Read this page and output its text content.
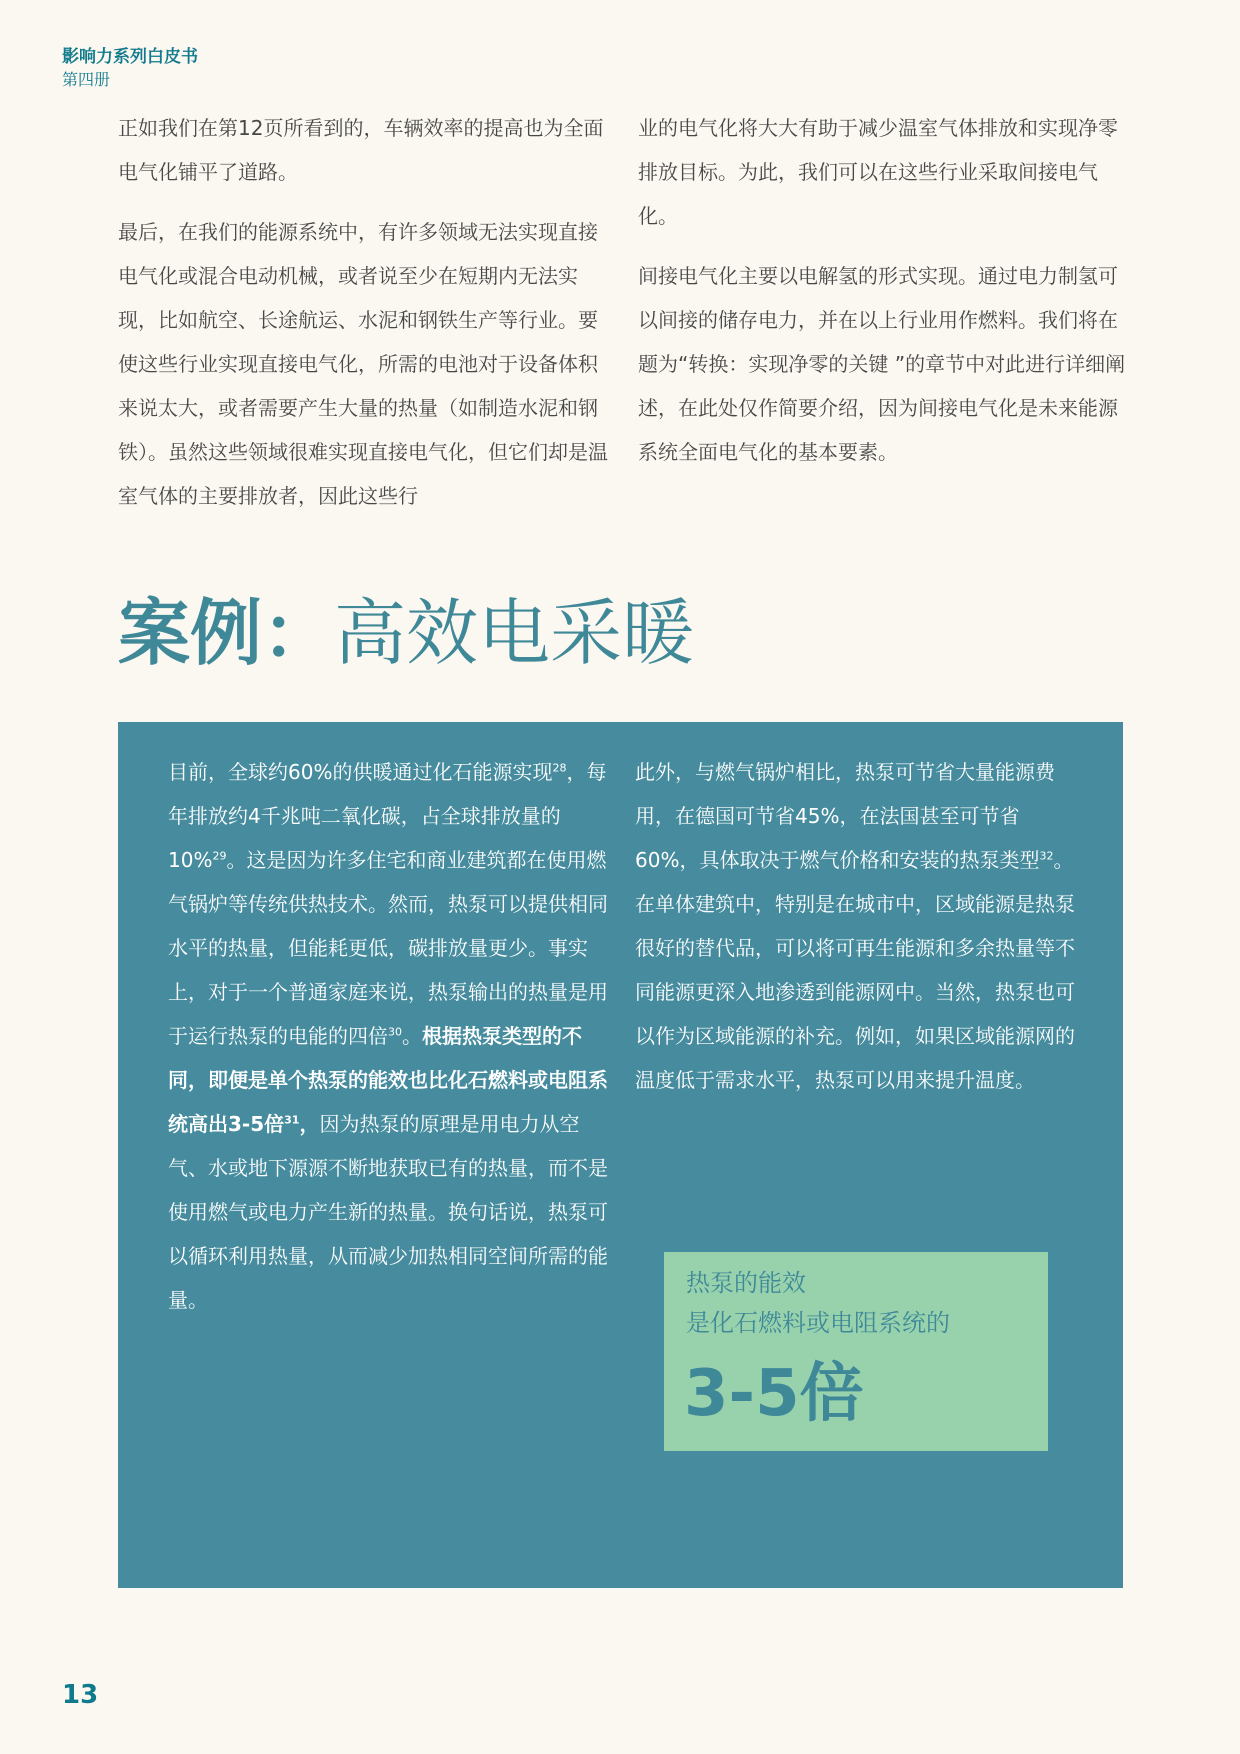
影响力系列白皮书
第四册

正如我们在第12页所看到的，车辆效率的提高也为全面电气化铺平了道路。

最后，在我们的能源系统中，有许多领域无法实现直接电气化或混合电动机械，或者说至少在短期内无法实现，比如航空、长途航运、水泥和钢铁生产等行业。要使这些行业实现直接电气化，所需的电池对于设备体积来说太大，或者需要产生大量的热量（如制造水泥和钢铁）。虽然这些领域很难实现直接电气化，但它们却是温室气体的主要排放者，因此这些行

业的电气化将大大有助于减少温室气体排放和实现净零排放目标。为此，我们可以在这些行业采取间接电气化。

间接电气化主要以电解氢的形式实现。通过电力制氢可以间接的储存电力，并在以上行业用作燃料。我们将在题为“转换：实现净零的关键 ”的章节中对此进行详细阐述，在此处仅作简要介绍，因为间接电气化是未来能源系统全面电气化的基本要素。

案例：高效电采暖

目前，全球约60%的供暖通过化石能源实现$^{28}$，每年排放约4千兆吨二氧化碳，占全球排放量的10%$^{29}$。这是因为许多住宅和商业建筑都在使用燃气锅炉等传统供热技术。然而，热泵可以提供相同水平的热量，但能耗更低，碳排放量更少。事实上，对于一个普通家庭来说，热泵输出的热量是用于运行热泵的电能的四倍$^{30}$。根据热泵类型的不同，即便是单个热泵的能效也比化石燃料或电阻系统高出3-5倍$^{31}$，因为热泵的原理是用电力从空气、水或地下源源不断地获取已有的热量，而不是使用燃气或电力产生新的热量。换句话说，热泵可以循环利用热量，从而减少加热相同空间所需的能量。

此外，与燃气锅炉相比，热泵可节省大量能源费用，在德国可节省45%，在法国甚至可节省60%，具体取决于燃气价格和安装的热泵类型$^{32}$。在单体建筑中，特别是在城市中，区域能源是热泵很好的替代品，可以将可再生能源和多余热量等不同能源更深入地渗透到能源网中。当然，热泵也可以作为区域能源的补充。例如，如果区域能源网的温度低于需求水平，热泵可以用来提升温度。

热泵的能效
是化石燃料或电阻系统的
3-5倍
13
